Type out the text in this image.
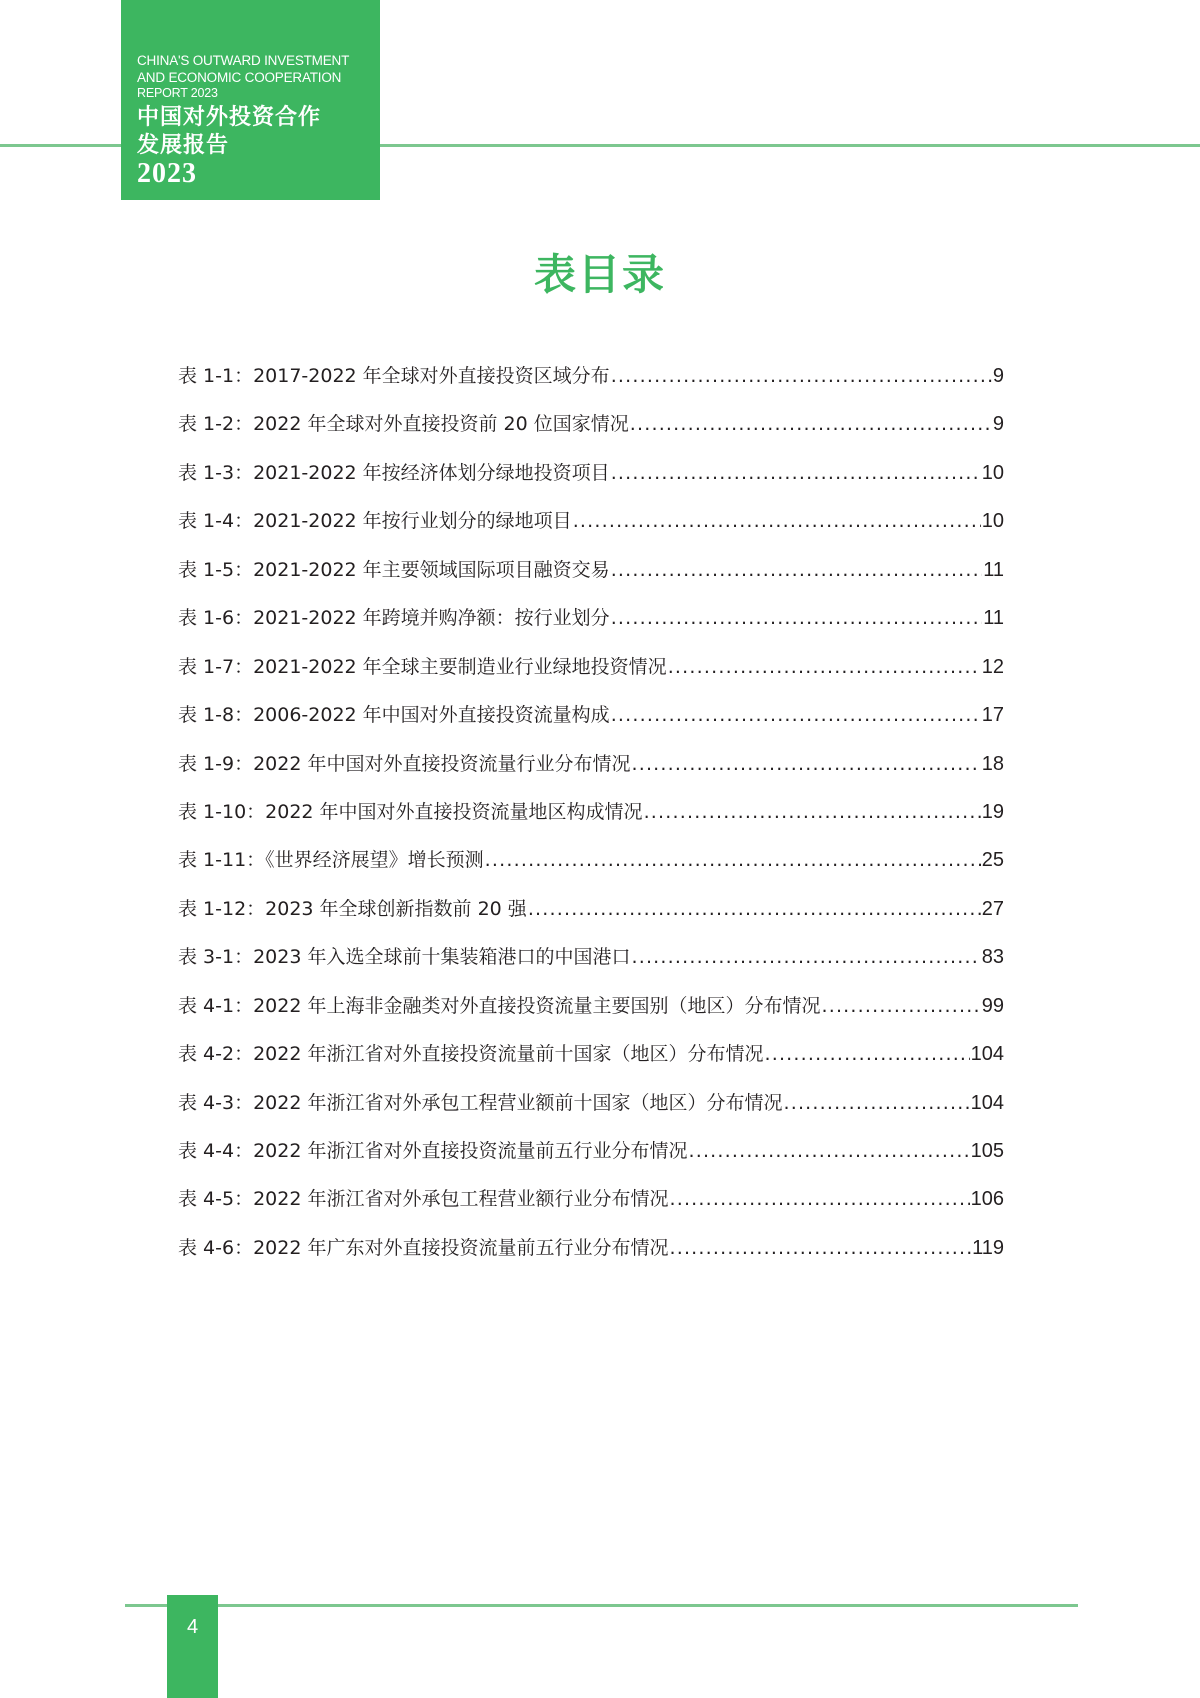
CHINA'S OUTWARD INVESTMENT
AND ECONOMIC COOPERATION
REPORT 2023
中国对外投资合作
发展报告
2023
表目录
表 1-1：2017-2022 年全球对外直接投资区域分布 .....	9
表 1-2：2022 年全球对外直接投资前 20 位国家情况 .....	9
表 1-3：2021-2022 年按经济体划分绿地投资项目 .....	10
表 1-4：2021-2022 年按行业划分的绿地项目 .....	10
表 1-5：2021-2022 年主要领域国际项目融资交易 .....	11
表 1-6：2021-2022 年跨境并购净额：按行业划分 .....	11
表 1-7：2021-2022 年全球主要制造业行业绿地投资情况 .....	12
表 1-8：2006-2022 年中国对外直接投资流量构成 .....	17
表 1-9：2022 年中国对外直接投资流量行业分布情况 .....	18
表 1-10：2022 年中国对外直接投资流量地区构成情况 .....	19
表 1-11：《世界经济展望》增长预测 .....	25
表 1-12：2023 年全球创新指数前 20 强 .....	27
表 3-1：2023 年入选全球前十集装箱港口的中国港口 .....	83
表 4-1：2022 年上海非金融类对外直接投资流量主要国别（地区）分布情况 .....	99
表 4-2：2022 年浙江省对外直接投资流量前十国家（地区）分布情况 .....	104
表 4-3：2022 年浙江省对外承包工程营业额前十国家（地区）分布情况 .....	104
表 4-4：2022 年浙江省对外直接投资流量前五行业分布情况 .....	105
表 4-5：2022 年浙江省对外承包工程营业额行业分布情况 .....	106
表 4-6：2022 年广东对外直接投资流量前五行业分布情况 .....	119
4
